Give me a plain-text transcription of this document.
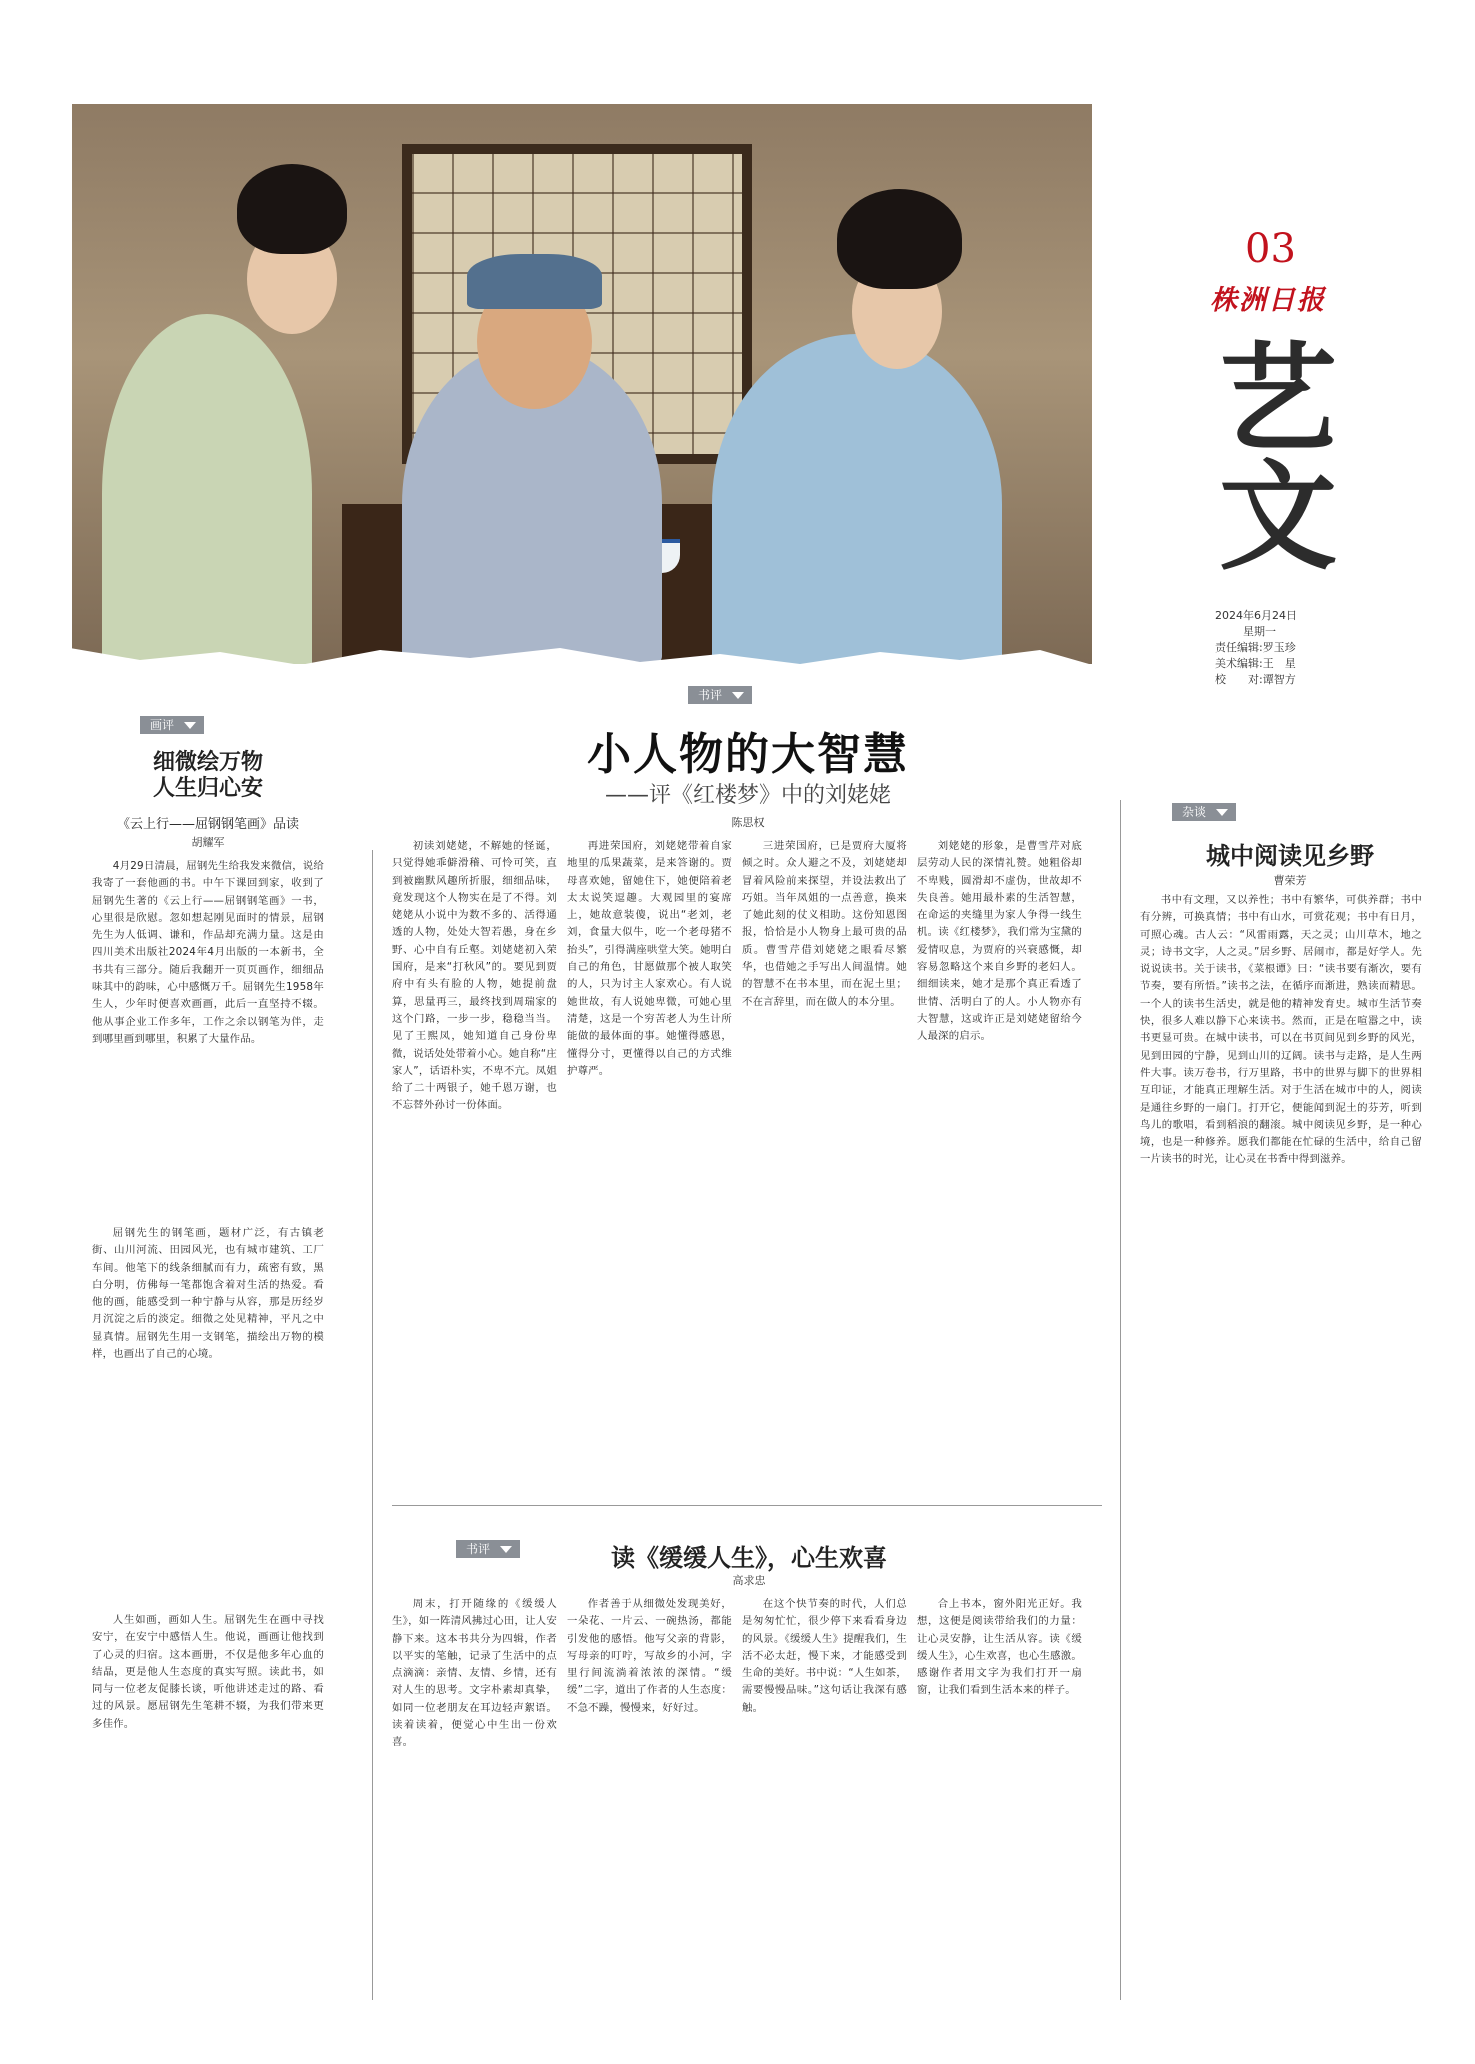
03
株洲日报
艺文
2024年6月24日
星期一
责任编辑:罗玉珍
美术编辑:王　星
校　　对:谭智方
书评
小人物的大智慧
——评《红楼梦》中的刘姥姥
陈思权
初读刘姥姥，不解她的怪诞，只觉得她乖僻滑稽、可怜可笑，直到被幽默风趣所折服，细细品味，竟发现这个人物实在是了不得。刘姥姥从小说中为数不多的、活得通透的人物，处处大智若愚，身在乡野、心中自有丘壑。刘姥姥初入荣国府，是来“打秋风”的。要见到贾府中有头有脸的人物，她提前盘算，思量再三，最终找到周瑞家的这个门路，一步一步，稳稳当当。见了王熙凤，她知道自己身份卑微，说话处处带着小心。她自称“庄家人”，话语朴实，不卑不亢。凤姐给了二十两银子，她千恩万谢，也不忘替外孙讨一份体面。
再进荣国府，刘姥姥带着自家地里的瓜果蔬菜，是来答谢的。贾母喜欢她，留她住下，她便陪着老太太说笑逗趣。大观园里的宴席上，她故意装傻，说出“老刘，老刘，食量大似牛，吃一个老母猪不抬头”，引得满座哄堂大笑。她明白自己的角色，甘愿做那个被人取笑的人，只为讨主人家欢心。有人说她世故，有人说她卑微，可她心里清楚，这是一个穷苦老人为生计所能做的最体面的事。她懂得感恩，懂得分寸，更懂得以自己的方式维护尊严。
三进荣国府，已是贾府大厦将倾之时。众人避之不及，刘姥姥却冒着风险前来探望，并设法救出了巧姐。当年凤姐的一点善意，换来了她此刻的仗义相助。这份知恩图报，恰恰是小人物身上最可贵的品质。曹雪芹借刘姥姥之眼看尽繁华，也借她之手写出人间温情。她的智慧不在书本里，而在泥土里；不在言辞里，而在做人的本分里。
刘姥姥的形象，是曹雪芹对底层劳动人民的深情礼赞。她粗俗却不卑贱，圆滑却不虚伪，世故却不失良善。她用最朴素的生活智慧，在命运的夹缝里为家人争得一线生机。读《红楼梦》，我们常为宝黛的爱情叹息，为贾府的兴衰感慨，却容易忽略这个来自乡野的老妇人。细细读来，她才是那个真正看透了世情、活明白了的人。小人物亦有大智慧，这或许正是刘姥姥留给今人最深的启示。
画评
细微绘万物
人生归心安
《云上行——屈钢钢笔画》品读
胡耀军
4月29日清晨，屈钢先生给我发来微信，说给我寄了一套他画的书。中午下课回到家，收到了屈钢先生著的《云上行——屈钢钢笔画》一书，心里很是欣慰。忽如想起刚见面时的情景，屈钢先生为人低调、谦和，作品却充满力量。这是由四川美术出版社2024年4月出版的一本新书，全书共有三部分。随后我翻开一页页画作，细细品味其中的韵味，心中感慨万千。屈钢先生1958年生人，少年时便喜欢画画，此后一直坚持不辍。他从事企业工作多年，工作之余以钢笔为伴，走到哪里画到哪里，积累了大量作品。
屈钢先生的钢笔画，题材广泛，有古镇老街、山川河流、田园风光，也有城市建筑、工厂车间。他笔下的线条细腻而有力，疏密有致，黑白分明，仿佛每一笔都饱含着对生活的热爱。看他的画，能感受到一种宁静与从容，那是历经岁月沉淀之后的淡定。细微之处见精神，平凡之中显真情。屈钢先生用一支钢笔，描绘出万物的模样，也画出了自己的心境。
人生如画，画如人生。屈钢先生在画中寻找安宁，在安宁中感悟人生。他说，画画让他找到了心灵的归宿。这本画册，不仅是他多年心血的结晶，更是他人生态度的真实写照。读此书，如同与一位老友促膝长谈，听他讲述走过的路、看过的风景。愿屈钢先生笔耕不辍，为我们带来更多佳作。
杂谈
城中阅读见乡野
曹荣芳
书中有文理，又以养性；书中有繁华，可供养群；书中有分辨，可换真情；书中有山水，可赏花观；书中有日月，可照心魂。古人云：“风雷雨露，天之灵；山川草木，地之灵；诗书文字，人之灵。”居乡野、居闹市，都是好学人。先说说读书。关于读书，《菜根谭》曰：“读书要有渐次，要有节奏，要有所悟。”读书之法，在循序而渐进，熟读而精思。一个人的读书生活史，就是他的精神发育史。城市生活节奏快，很多人难以静下心来读书。然而，正是在喧嚣之中，读书更显可贵。在城中读书，可以在书页间见到乡野的风光，见到田园的宁静，见到山川的辽阔。读书与走路，是人生两件大事。读万卷书，行万里路，书中的世界与脚下的世界相互印证，才能真正理解生活。对于生活在城市中的人，阅读是通往乡野的一扇门。打开它，便能闻到泥土的芬芳，听到鸟儿的歌唱，看到稻浪的翻滚。城中阅读见乡野，是一种心境，也是一种修养。愿我们都能在忙碌的生活中，给自己留一片读书的时光，让心灵在书香中得到滋养。
书评	读《缓缓人生》，心生欢喜
高求忠
周末，打开随缘的《缓缓人生》，如一阵清风拂过心田，让人安静下来。这本书共分为四辑，作者以平实的笔触，记录了生活中的点点滴滴：亲情、友情、乡情，还有对人生的思考。文字朴素却真挚，如同一位老朋友在耳边轻声絮语。读着读着，便觉心中生出一份欢喜。
作者善于从细微处发现美好，一朵花、一片云、一碗热汤，都能引发他的感悟。他写父亲的背影，写母亲的叮咛，写故乡的小河，字里行间流淌着浓浓的深情。“缓缓”二字，道出了作者的人生态度：不急不躁，慢慢来，好好过。
在这个快节奏的时代，人们总是匆匆忙忙，很少停下来看看身边的风景。《缓缓人生》提醒我们，生活不必太赶，慢下来，才能感受到生命的美好。书中说：“人生如茶，需要慢慢品味。”这句话让我深有感触。
合上书本，窗外阳光正好。我想，这便是阅读带给我们的力量：让心灵安静，让生活从容。读《缓缓人生》，心生欢喜，也心生感激。感谢作者用文字为我们打开一扇窗，让我们看到生活本来的样子。
